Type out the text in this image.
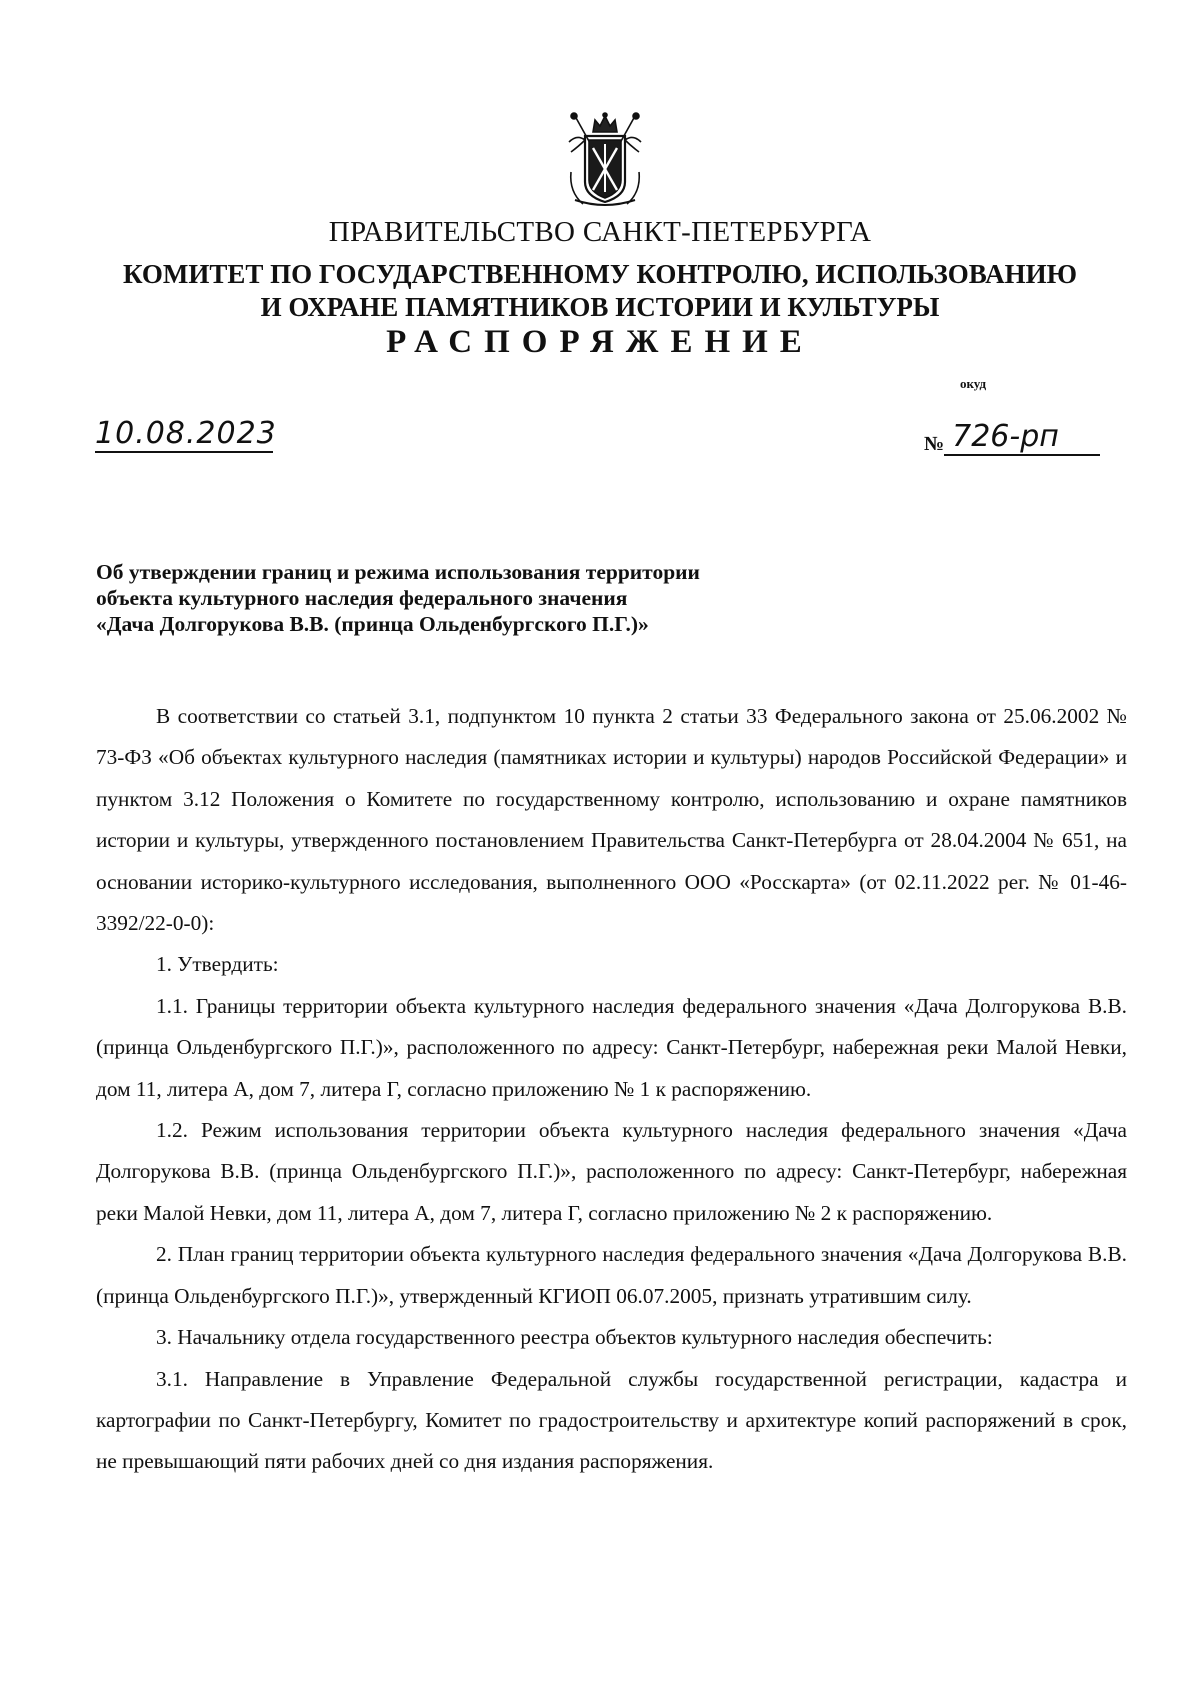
ПРАВИТЕЛЬСТВО САНКТ-ПЕТЕРБУРГА
КОМИТЕТ ПО ГОСУДАРСТВЕННОМУ КОНТРОЛЮ, ИСПОЛЬЗОВАНИЮ
И ОХРАНЕ ПАМЯТНИКОВ ИСТОРИИ И КУЛЬТУРЫ
РАСПОРЯЖЕНИЕ
окуд
10.08.2023	№ 726-рп
Об утверждении границ и режима использования территории
объекта культурного наследия федерального значения
«Дача Долгорукова В.В. (принца Ольденбургского П.Г.)»

В соответствии со статьей 3.1, подпунктом 10 пункта 2 статьи 33 Федерального закона от 25.06.2002 № 73-ФЗ «Об объектах культурного наследия (памятниках истории и культуры) народов Российской Федерации» и пунктом 3.12 Положения о Комитете по государственному контролю, использованию и охране памятников истории и культуры, утвержденного постановлением Правительства Санкт-Петербурга от 28.04.2004 № 651, на основании историко-культурного исследования, выполненного ООО «Росскарта» (от 02.11.2022 рег. № 01-46-3392/22-0-0):

1. Утвердить:

1.1. Границы территории объекта культурного наследия федерального значения «Дача Долгорукова В.В. (принца Ольденбургского П.Г.)», расположенного по адресу: Санкт-Петербург, набережная реки Малой Невки, дом 11, литера А, дом 7, литера Г, согласно приложению № 1 к распоряжению.

1.2. Режим использования территории объекта культурного наследия федерального значения «Дача Долгорукова В.В. (принца Ольденбургского П.Г.)», расположенного по адресу: Санкт-Петербург, набережная реки Малой Невки, дом 11, литера А, дом 7, литера Г, согласно приложению № 2 к распоряжению.

2. План границ территории объекта культурного наследия федерального значения «Дача Долгорукова В.В. (принца Ольденбургского П.Г.)», утвержденный КГИОП 06.07.2005, признать утратившим силу.

3. Начальнику отдела государственного реестра объектов культурного наследия обеспечить:

3.1. Направление в Управление Федеральной службы государственной регистрации, кадастра и картографии по Санкт-Петербургу, Комитет по градостроительству и архитектуре копий распоряжений в срок, не превышающий пяти рабочих дней со дня издания распоряжения.
